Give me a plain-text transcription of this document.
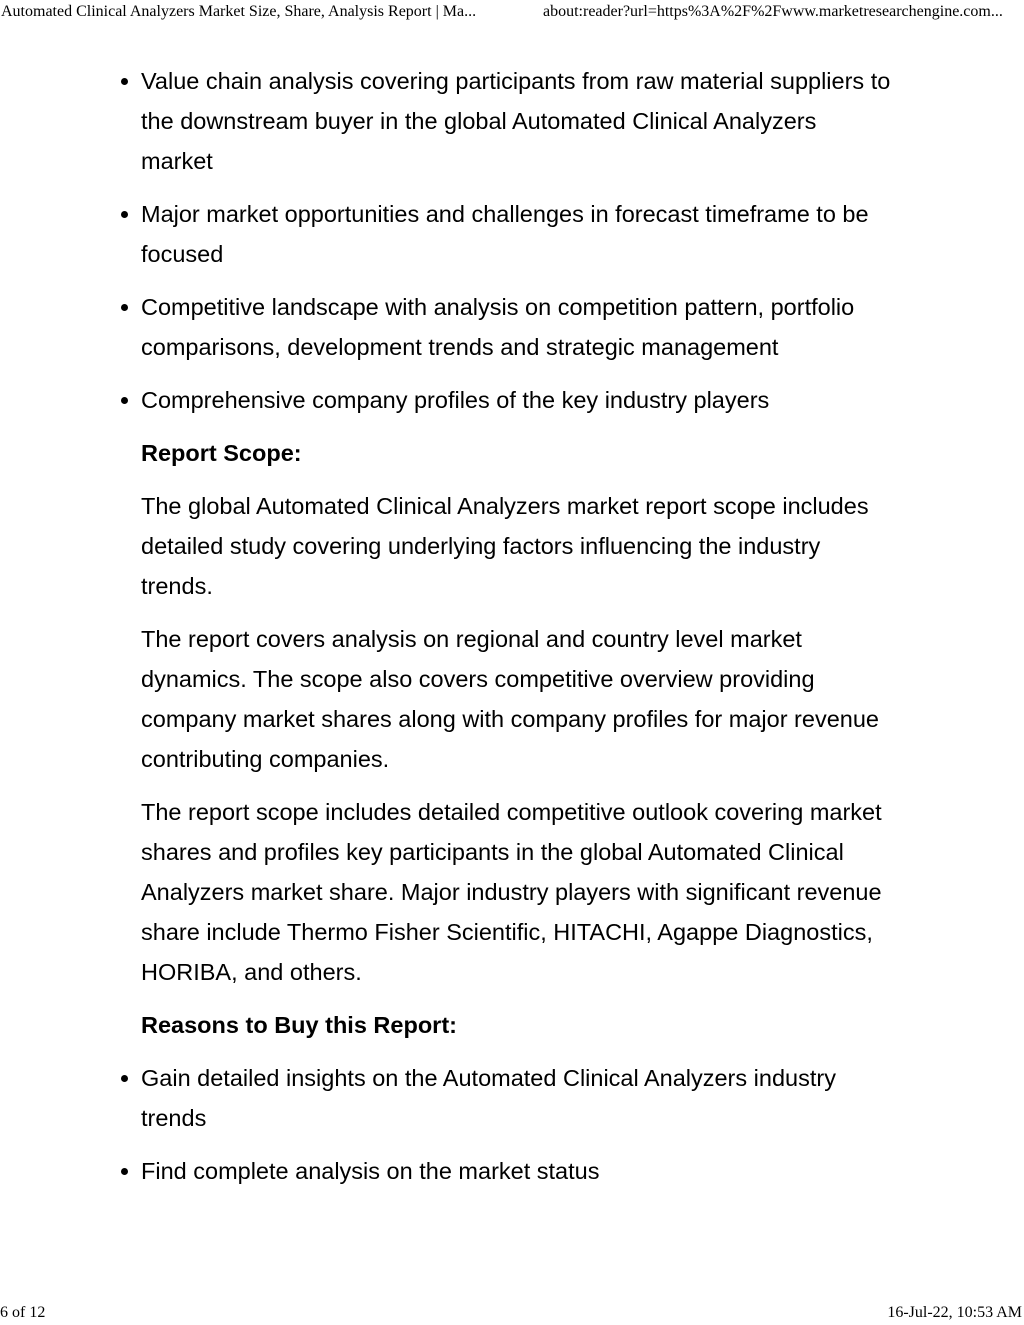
Automated Clinical Analyzers Market Size, Share, Analysis Report | Ma...	about:reader?url=https%3A%2F%2Fwww.marketresearchengine.com...
Value chain analysis covering participants from raw material suppliers to the downstream buyer in the global Automated Clinical Analyzers market
Major market opportunities and challenges in forecast timeframe to be focused
Competitive landscape with analysis on competition pattern, portfolio comparisons, development trends and strategic management
Comprehensive company profiles of the key industry players
Report Scope:

The global Automated Clinical Analyzers market report scope includes detailed study covering underlying factors influencing the industry trends.

The report covers analysis on regional and country level market dynamics. The scope also covers competitive overview providing company market shares along with company profiles for major revenue contributing companies.

The report scope includes detailed competitive outlook covering market shares and profiles key participants in the global Automated Clinical Analyzers market share. Major industry players with significant revenue share include Thermo Fisher Scientific, HITACHI, Agappe Diagnostics, HORIBA, and others.

Reasons to Buy this Report:
Gain detailed insights on the Automated Clinical Analyzers industry trends
Find complete analysis on the market status
6 of 12	16-Jul-22, 10:53 AM
